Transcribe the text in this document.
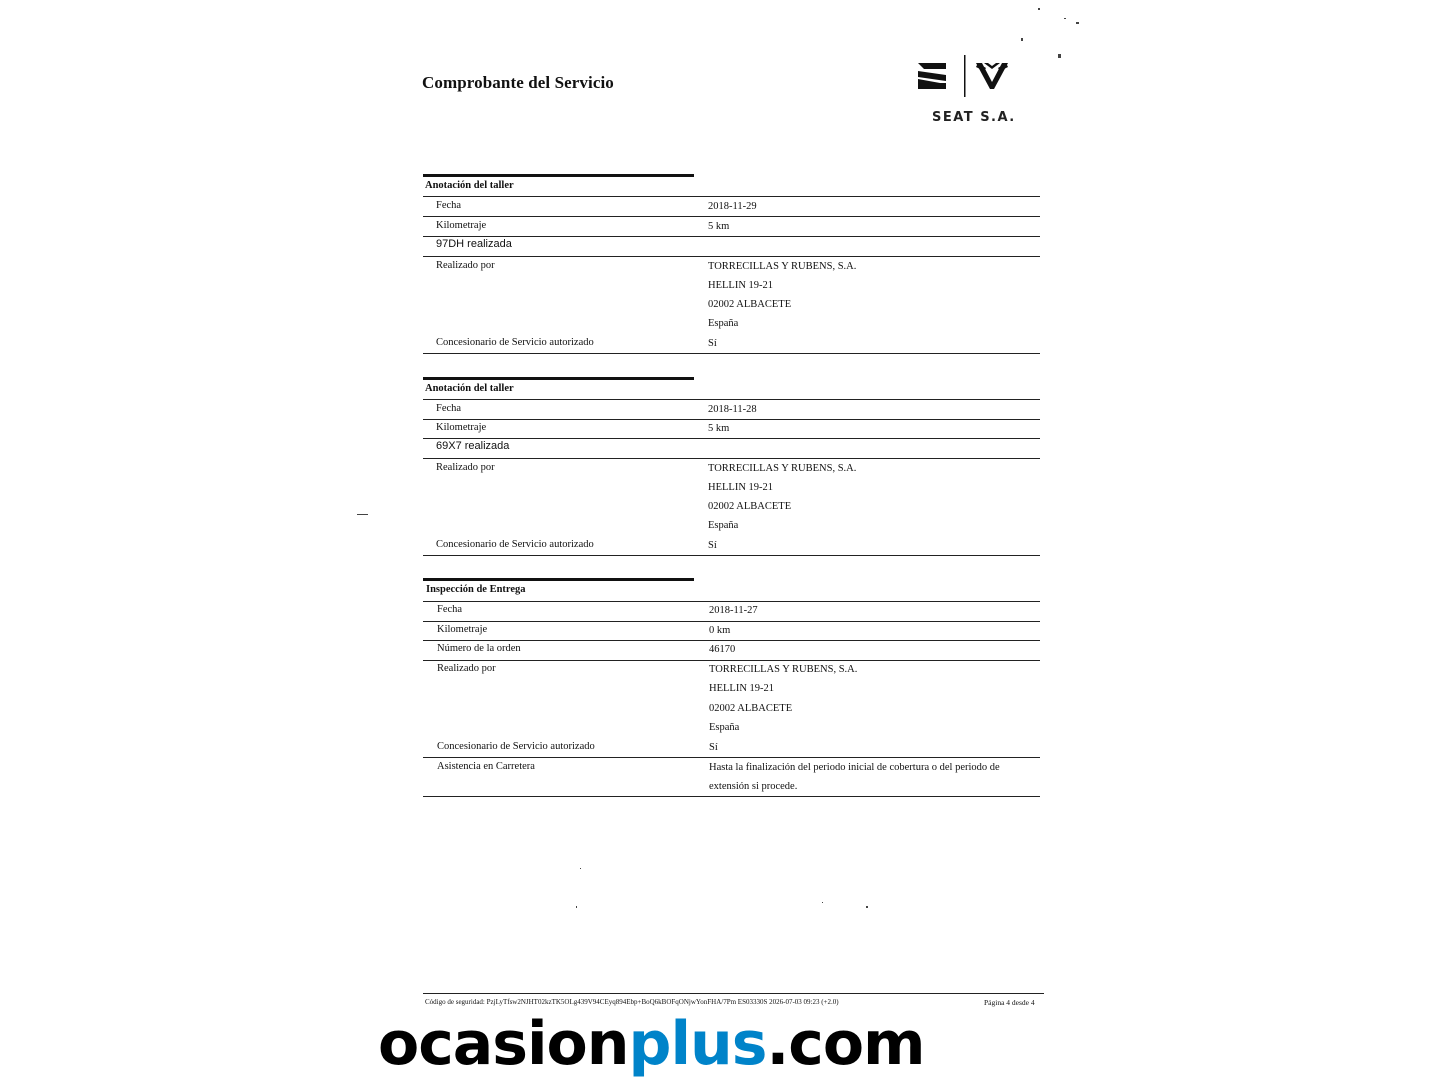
Comprobante del Servicio
SEAT S.A.
Anotación del taller
Fecha	2018-11-29
Kilometraje	5 km
97DH realizada
Realizado por	TORRECILLAS Y RUBENS, S.A.
HELLIN 19-21
02002 ALBACETE
España
Concesionario de Servicio autorizado	Sí
Anotación del taller
Fecha	2018-11-28
Kilometraje	5 km
69X7 realizada
Realizado por	TORRECILLAS Y RUBENS, S.A.
HELLIN 19-21
02002 ALBACETE
España
Concesionario de Servicio autorizado	Sí
Inspección de Entrega
Fecha	2018-11-27
Kilometraje	0 km
Número de la orden	46170
Realizado por	TORRECILLAS Y RUBENS, S.A.
HELLIN 19-21
02002 ALBACETE
España
Concesionario de Servicio autorizado	Sí
Asistencia en Carretera	Hasta la finalización del periodo inicial de cobertura o del periodo de extensión si procede.
Código de seguridad: PzjLyTfsw2NJHT02kzTK5OLg439V94CEyq894Ebp+BoQ6kBOFqONjwYonFHA/7Pm ES03330S 2026-07-03 09:23 (+2.0)	Página 4 desde 4
ocasionplus.com
